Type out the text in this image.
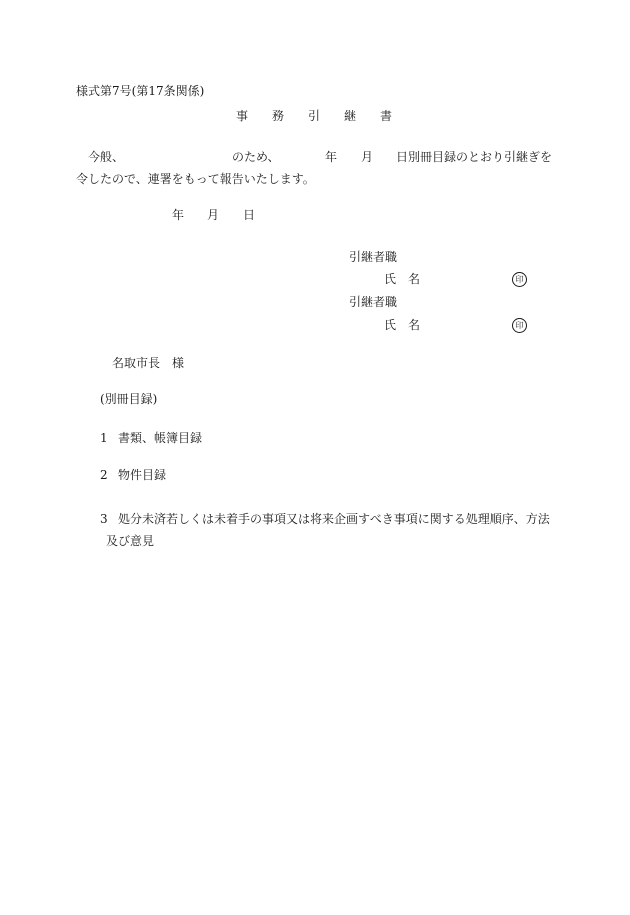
様式第7号(第17条関係)
事　　務　　引　　継　　書
今般、	のため、	年 月 日別冊目録のとおり引継ぎを
令したので、連署をもって報告いたします。
年 月 日
引継者職
氏　名	印
引継者職
氏　名	印
名取市長　様
(別冊目録)
1 書類、帳簿目録
2 物件目録
3 処分未済若しくは未着手の事項又は将来企画すべき事項に関する処理順序、方法
及び意見
